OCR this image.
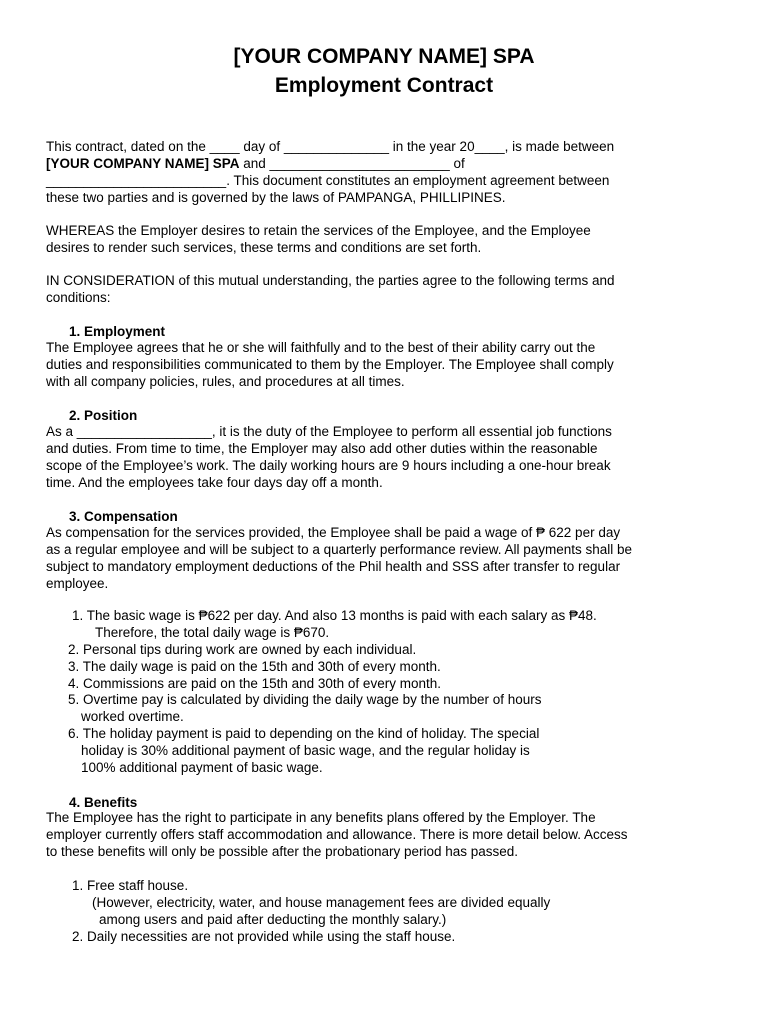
[YOUR COMPANY NAME] SPA
Employment Contract
This contract, dated on the ____ day of ______________ in the year 20____, is made between
[YOUR COMPANY NAME] SPA and ________________________ of
________________________. This document constitutes an employment agreement between
these two parties and is governed by the laws of PAMPANGA, PHILLIPINES.
WHEREAS the Employer desires to retain the services of the Employee, and the Employee
desires to render such services, these terms and conditions are set forth.
IN CONSIDERATION of this mutual understanding, the parties agree to the following terms and
conditions:
1. Employment
The Employee agrees that he or she will faithfully and to the best of their ability carry out the
duties and responsibilities communicated to them by the Employer. The Employee shall comply
with all company policies, rules, and procedures at all times.
2. Position
As a __________________, it is the duty of the Employee to perform all essential job functions
and duties. From time to time, the Employer may also add other duties within the reasonable
scope of the Employee’s work. The daily working hours are 9 hours including a one-hour break
time. And the employees take four days day off a month.
3. Compensation
As compensation for the services provided, the Employee shall be paid a wage of ₱ 622 per day
as a regular employee and will be subject to a quarterly performance review. All payments shall be
subject to mandatory employment deductions of the Phil health and SSS after transfer to regular
employee.
1. The basic wage is ₱622 per day. And also 13 months is paid with each salary as ₱48.
Therefore, the total daily wage is ₱670.
2. Personal tips during work are owned by each individual.
3. The daily wage is paid on the 15th and 30th of every month.
4. Commissions are paid on the 15th and 30th of every month.
5. Overtime pay is calculated by dividing the daily wage by the number of hours
worked overtime.
6. The holiday payment is paid to depending on the kind of holiday. The special
holiday is 30% additional payment of basic wage, and the regular holiday is
100% additional payment of basic wage.
4. Benefits
The Employee has the right to participate in any benefits plans offered by the Employer. The
employer currently offers staff accommodation and allowance. There is more detail below. Access
to these benefits will only be possible after the probationary period has passed.
1. Free staff house.
(However, electricity, water, and house management fees are divided equally
among users and paid after deducting the monthly salary.)
2. Daily necessities are not provided while using the staff house.
